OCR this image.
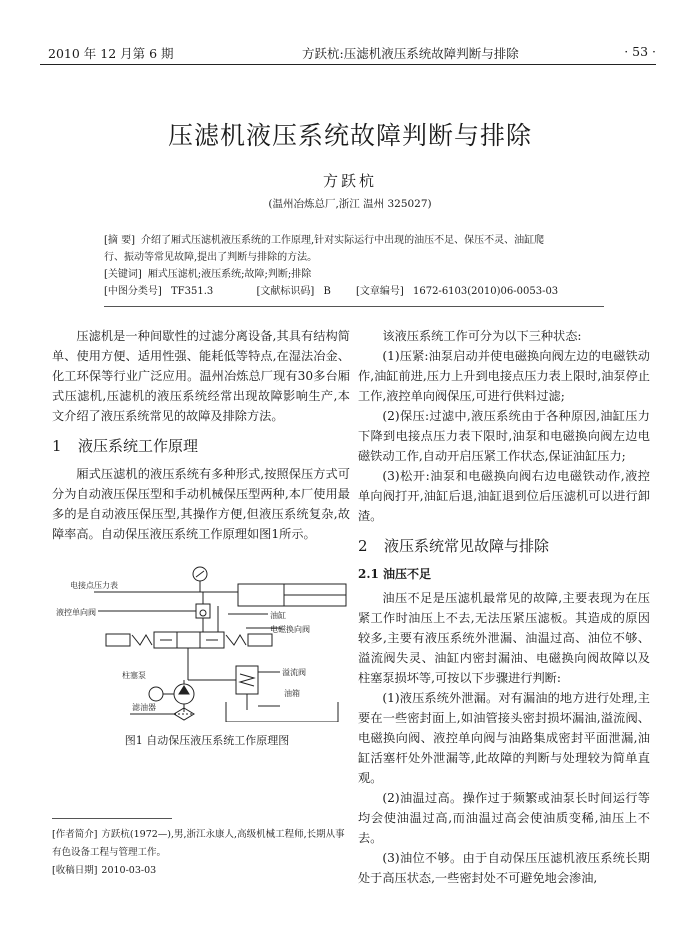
2010 年 12 月第 6 期	方跃杭:压滤机液压系统故障判断与排除	· 53 ·
压滤机液压系统故障判断与排除
方跃杭
(温州冶炼总厂,浙江 温州 325027)
[摘 要] 介绍了厢式压滤机液压系统的工作原理,针对实际运行中出现的油压不足、保压不灵、油缸爬
行、振动等常见故障,提出了判断与排除的方法。
[关键词] 厢式压滤机;液压系统;故障;判断;排除
[中图分类号] TF351.3	[文献标识码] B	[文章编号] 1672-6103(2010)06-0053-03

压滤机是一种间歇性的过滤分离设备,其具有结构简单、使用方便、适用性强、能耗低等特点,在湿法冶金、化工环保等行业广泛应用。温州冶炼总厂现有30多台厢式压滤机,压滤机的液压系统经常出现故障影响生产,本文介绍了液压系统常见的故障及排除方法。

1 液压系统工作原理

厢式压滤机的液压系统有多种形式,按照保压方式可分为自动液压保压型和手动机械保压型两种,本厂使用最多的是自动液压保压型,其操作方便,但液压系统复杂,故障率高。自动保压液压系统工作原理如图1所示。

电接点压力表
液控单向阀	油缸
电磁换向阀
溢流阀
柱塞泵
油箱
滤油器
图1 自动保压液压系统工作原理图
[作者简介] 方跃杭(1972—),男,浙江永康人,高级机械工程师,长期从事有色设备工程与管理工作。
[收稿日期] 2010-03-03

该液压系统工作可分为以下三种状态:

(1)压紧:油泵启动并使电磁换向阀左边的电磁铁动作,油缸前进,压力上升到电接点压力表上限时,油泵停止工作,液控单向阀保压,可进行供料过滤;

(2)保压:过滤中,液压系统由于各种原因,油缸压力下降到电接点压力表下限时,油泵和电磁换向阀左边电磁铁动工作,自动开启压紧工作状态,保证油缸压力;

(3)松开:油泵和电磁换向阀右边电磁铁动作,液控单向阀打开,油缸后退,油缸退到位后压滤机可以进行卸渣。

2 液压系统常见故障与排除
2.1 油压不足

油压不足是压滤机最常见的故障,主要表现为在压紧工作时油压上不去,无法压紧压滤板。其造成的原因较多,主要有液压系统外泄漏、油温过高、油位不够、溢流阀失灵、油缸内密封漏油、电磁换向阀故障以及柱塞泵损坏等,可按以下步骤进行判断:

(1)液压系统外泄漏。对有漏油的地方进行处理,主要在一些密封面上,如油管接头密封损坏漏油,溢流阀、电磁换向阀、液控单向阀与油路集成密封平面泄漏,油缸活塞杆处外泄漏等,此故障的判断与处理较为简单直观。

(2)油温过高。操作过于频繁或油泵长时间运行等均会使油温过高,而油温过高会使油质变稀,油压上不去。

(3)油位不够。由于自动保压压滤机液压系统长期处于高压状态,一些密封处不可避免地会渗油,
